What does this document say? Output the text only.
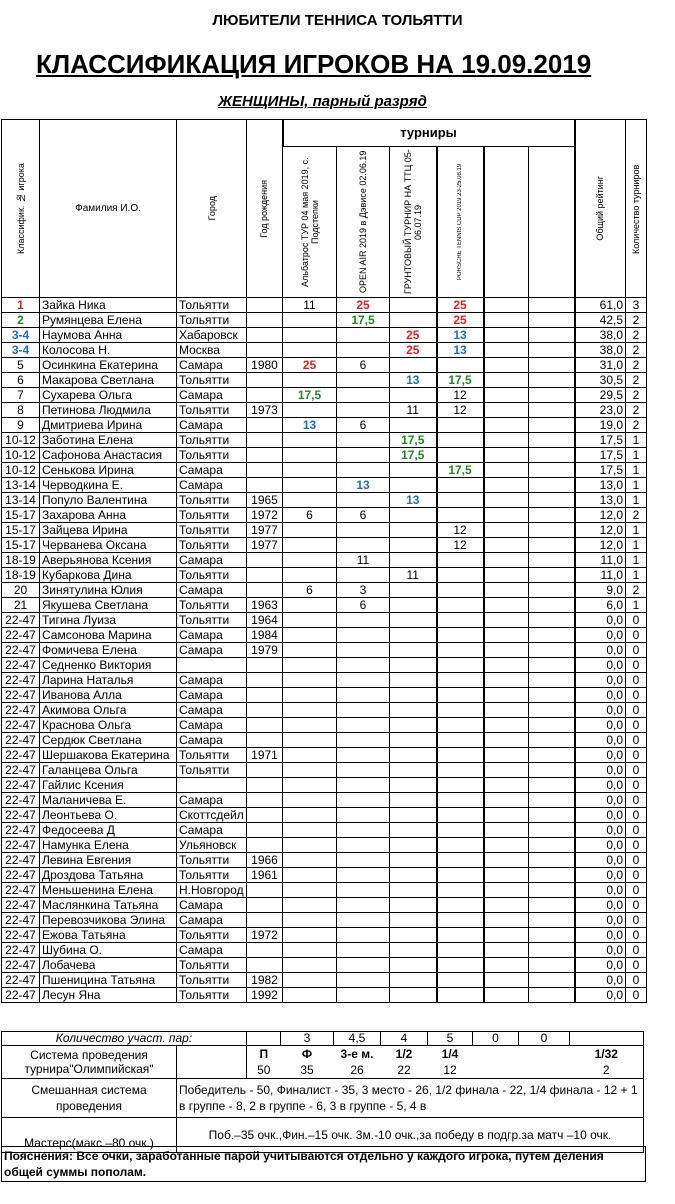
ЛЮБИТЕЛИ ТЕННИСА ТОЛЬЯТТИ
КЛАССИФИКАЦИЯ ИГРОКОВ НА 19.09.2019
ЖЕНЩИНЫ, парный разряд
Классифик. № игрока	Фамилия И.О.	Город	Год рождения	турниры						Общий рейтинг	Количество турниров

				Альбатрос ТУР 04 мая 2019, с. Подстепки	OPEN AIR 2019 в Дэвисе 02.06.19	ГРУНТОВЫЙ ТУРНИР НА ТТЦ 05-06.07.19	PORSCHE TENNIS CUP 2019 23-25.08.19				

1	Зайка Ника	Тольятти		11	25		25			61,0	3
2	Румянцева Елена	Тольятти			17,5		25			42,5	2
3-4	Наумова Анна	Хабаровск				25	13			38,0	2
3-4	Колосова Н.	Москва				25	13			38,0	2
5	Осинкина Екатерина	Самара	1980	25	6					31,0	2
6	Макарова Светлана	Тольятти				13	17,5			30,5	2
7	Сухарева Ольга	Самара		17,5			12			29,5	2
8	Петинова Людмила	Тольятти	1973			11	12			23,0	2
9	Дмитриева Ирина	Самара		13	6					19,0	2
10-12	Заботина Елена	Тольятти				17,5				17,5	1
10-12	Сафонова Анастасия	Тольятти				17,5				17,5	1
10-12	Сенькова Ирина	Самара					17,5			17,5	1
13-14	Черводкина Е.	Самара			13					13,0	1
13-14	Популо Валентина	Тольятти	1965			13				13,0	1
15-17	Захарова Анна	Тольятти	1972	6	6					12,0	2
15-17	Зайцева Ирина	Тольятти	1977				12			12,0	1
15-17	Черванева Оксана	Тольятти	1977				12			12,0	1
18-19	Аверьянова Ксения	Самара			11					11,0	1
18-19	Кубаркова Дина	Тольятти				11				11,0	1
20	Зинятулина Юлия	Самара		6	3					9,0	2
21	Якушева Светлана	Тольятти	1963		6					6,0	1
22-47	Тигина Луиза	Тольятти	1964							0,0	0
22-47	Самсонова Марина	Самара	1984							0,0	0
22-47	Фомичева Елена	Самара	1979							0,0	0
22-47	Седненко Виктория									0,0	0
22-47	Ларина Наталья	Самара								0,0	0
22-47	Иванова Алла	Самара								0,0	0
22-47	Акимова Ольга	Самара								0,0	0
22-47	Краснова Ольга	Самара								0,0	0
22-47	Сердюк Светлана	Самара								0,0	0
22-47	Шершакова Екатерина	Тольятти	1971							0,0	0
22-47	Галанцева Ольга	Тольятти								0,0	0
22-47	Гайлис Ксения									0,0	0
22-47	Маланичева Е.	Самара								0,0	0
22-47	Леонтьева О.	Скоттсдейл								0,0	0
22-47	Федосеева Д	Самара								0,0	0
22-47	Намунка Елена	Ульяновск								0,0	0
22-47	Левина Евгения	Тольятти	1966							0,0	0
22-47	Дроздова Татьяна	Тольятти	1961							0,0	0
22-47	Меньшенина Елена	Н.Новгород								0,0	0
22-47	Маслянкина Татьяна	Самара								0,0	0
22-47	Перевозчикова Элина	Самара								0,0	0
22-47	Ежова Татьяна	Тольятти	1972							0,0	0
22-47	Шубина О.	Самара								0,0	0
22-47	Лобачева	Тольятти								0,0	0
22-47	Пшеницина Татьяна	Тольятти	1982							0,0	0
22-47	Лесун Яна	Тольятти	1992							0,0	0
Количество участ. пар:		3	4,5	4	5	0	0	
Система проведения
турнира"Олимпийская"		П	Ф	3-е м.	1/2	1/4			1/32
		50	35	26	22	12			2

Смешанная система
проведения	Победитель - 50, Финалист - 35, 3 место - 26, 1/2 финала - 22, 1/4 финала - 12 + 1 в группе - 8, 2 в группе - 6, 3 в группе - 5, 4 в								
Мастерс(макс.–80 очк.)	Поб.–35 очк.,Фин.–15 очк. 3м.-10 очк.,за победу в подгр.за матч –10 очк.								
Пояснения: Все очки, заработанные парой учитываются отдельно у каждого игрока, путем деления общей суммы пополам.
